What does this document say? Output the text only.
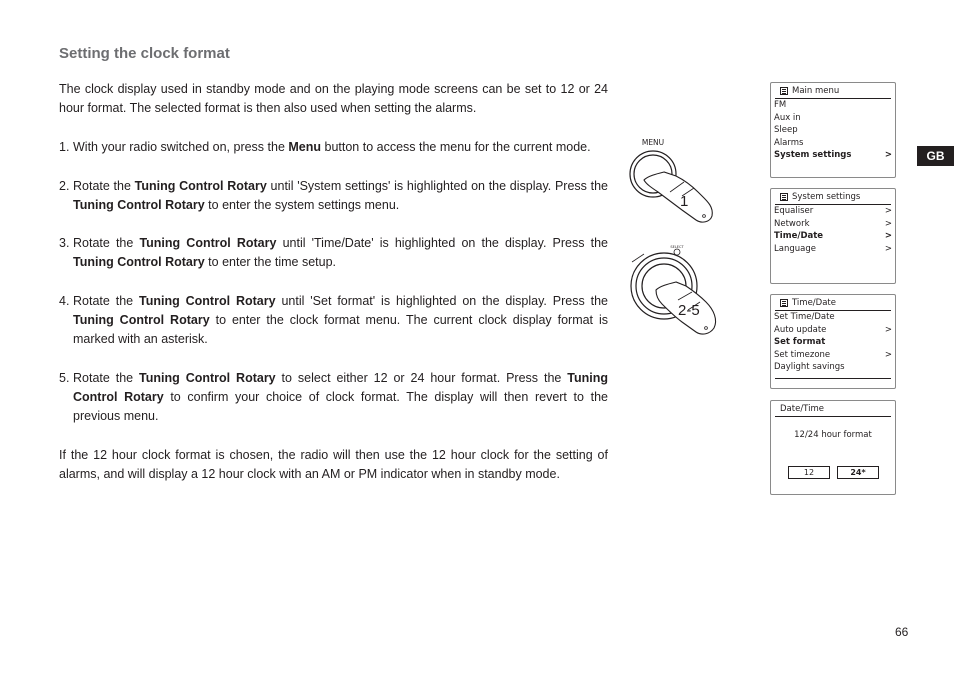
Setting the clock format
The clock display used in standby mode and on the playing mode screens can be set to 12 or 24 hour format. The selected format is then also used when setting the alarms.
1. With your radio switched on, press the Menu button to access the menu for the current mode.
2. Rotate the Tuning Control Rotary until 'System settings' is highlighted on the display. Press the Tuning Control Rotary to enter the system settings menu.
3. Rotate the Tuning Control Rotary until 'Time/Date' is highlighted on the display. Press the Tuning Control Rotary to enter the time setup.
4. Rotate the Tuning Control Rotary until 'Set format' is highlighted on the display. Press the Tuning Control Rotary to enter the clock format menu. The current clock display format is marked with an asterisk.
5. Rotate the Tuning Control Rotary to select either 12 or 24 hour format. Press the Tuning Control Rotary to confirm your choice of clock format. The display will then revert to the previous menu.
If the 12 hour clock format is chosen, the radio will then use the 12 hour clock for the setting of alarms, and will display a 12 hour clock with an AM or PM indicator when in standby mode.
MENU
1
SELECT
2-5
Main menu
FM
Aux in
Sleep
Alarms
System settings	>
System settings
Equaliser	>
Network	>
Time/Date	>
Language	>
Time/Date
Set Time/Date
Auto update	>
Set format
Set timezone	>
Daylight savings
Date/Time
12/24 hour format
12	24*
GB
66
